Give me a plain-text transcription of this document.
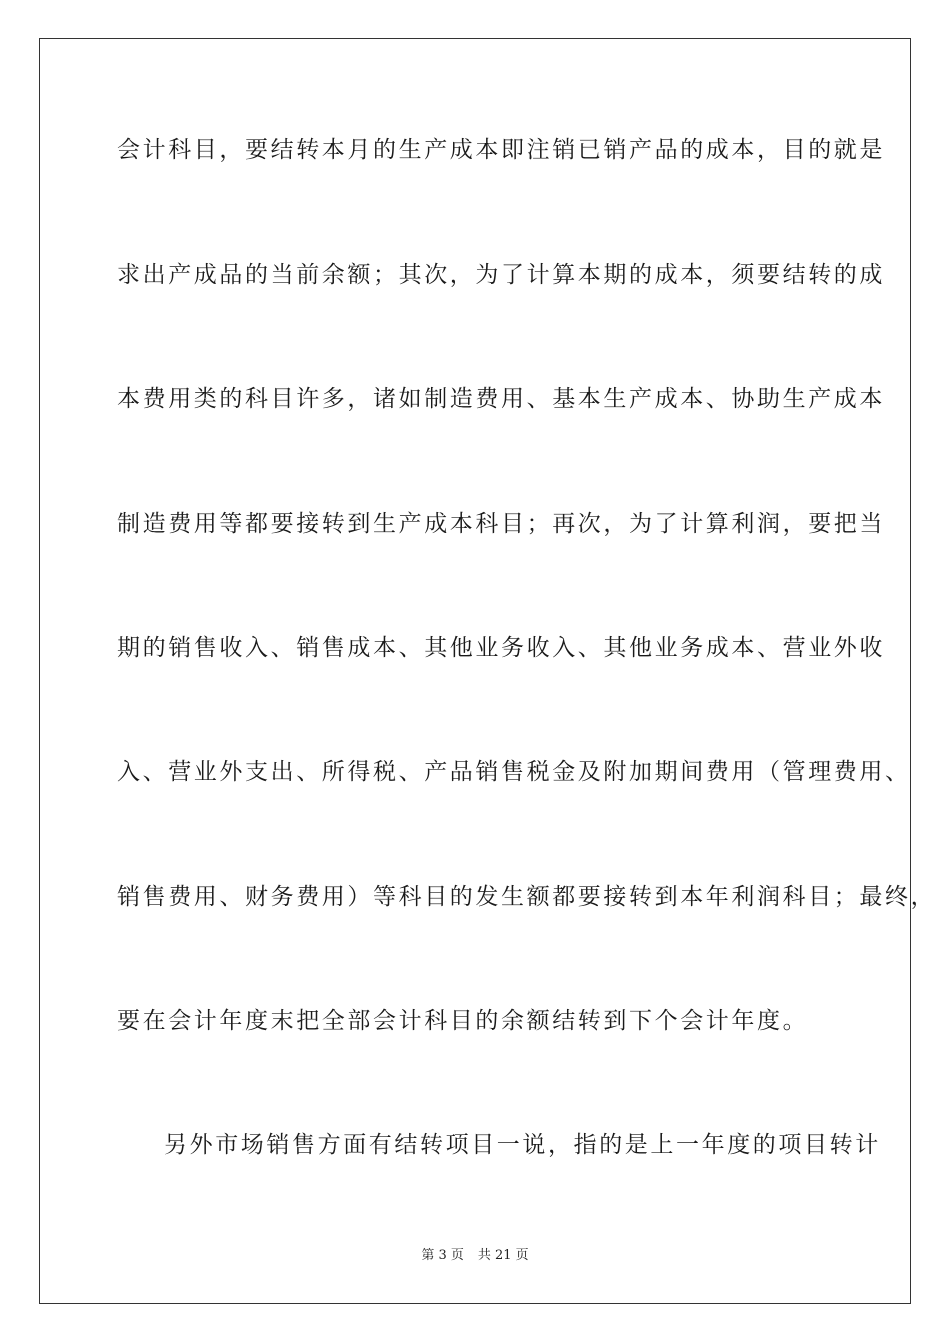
会计科目，要结转本月的生产成本即注销已销产品的成本，目的就是
求出产成品的当前余额；其次，为了计算本期的成本，须要结转的成
本费用类的科目许多，诸如制造费用、基本生产成本、协助生产成本
制造费用等都要接转到生产成本科目；再次，为了计算利润，要把当
期的销售收入、销售成本、其他业务收入、其他业务成本、营业外收
入、营业外支出、所得税、产品销售税金及附加期间费用（管理费用、
销售费用、财务费用）等科目的发生额都要接转到本年利润科目；最终，
要在会计年度末把全部会计科目的余额结转到下个会计年度。
另外市场销售方面有结转项目一说，指的是上一年度的项目转计
第 3 页 共 21 页
